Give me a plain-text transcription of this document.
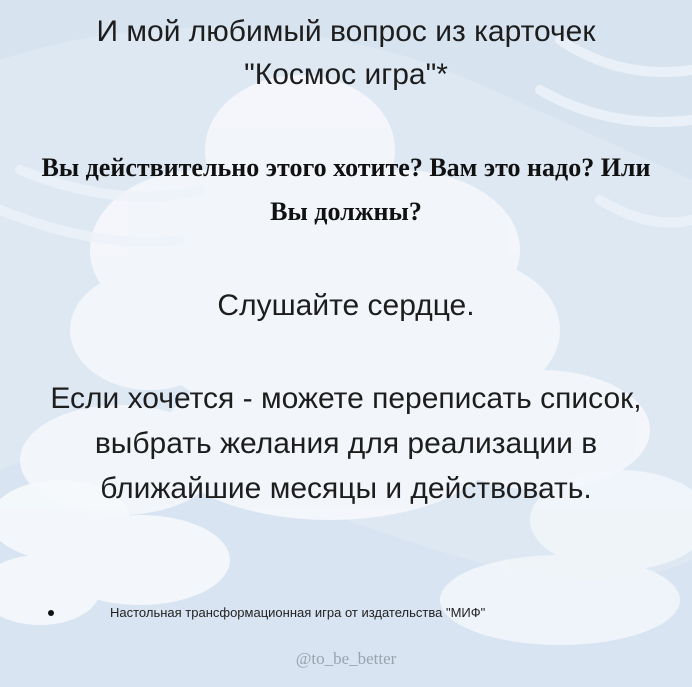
И мой любимый вопрос из карточек "Космос игра"*

Вы действительно этого хотите? Вам это надо? Или Вы должны?

Слушайте сердце.

Если хочется - можете переписать список, выбрать желания для реализации в ближайшие месяцы и действовать.

Настольная трансформационная игра от издательства "МИФ"
@to_be_better
